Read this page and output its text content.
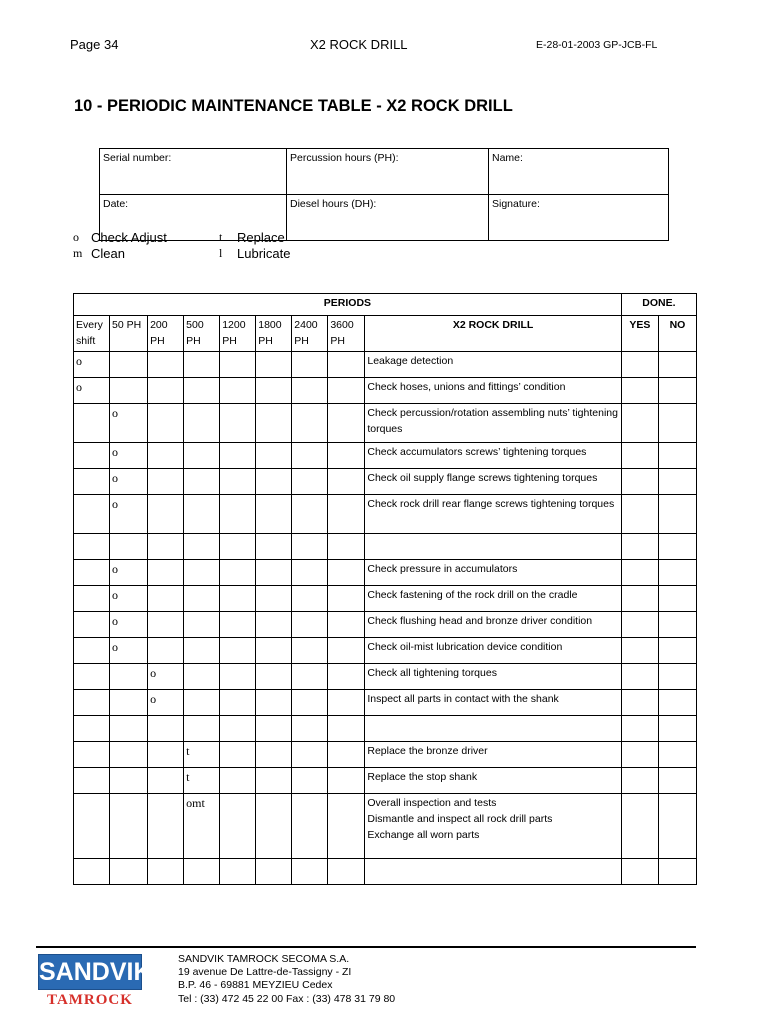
Page 34	X2 ROCK DRILL	E-28-01-2003 GP-JCB-FL
10 - PERIODIC MAINTENANCE TABLE - X2 ROCK DRILL
Serial number:	Percussion hours (PH):	Name:
Date:	Diesel hours (DH):	Signature:
o Check Adjust	t	Replace
m Clean	l	Lubricate
PERIODS									DONE.	
Every shift	50 PH	200 PH	500 PH	1200 PH	1800 PH	2400 PH	3600 PH	X2 ROCK DRILL	YES	NO
o								Leakage detection		
o								Check hoses, unions and fittings’ condition		
	o							Check percussion/rotation assembling nuts’ tightening torques		
	o							Check accumulators screws’ tightening torques		
	o							Check oil supply flange screws tightening torques		
	o							Check rock drill rear flange screws tightening torques		

	o							Check pressure in accumulators		
	o							Check fastening of the rock drill on the cradle		
	o							Check flushing head and bronze driver condition		
	o							Check oil-mist lubrication device condition		
		o						Check all tightening torques		
		o						Inspect all parts in contact with the shank		

			t					Replace the bronze driver		
			t					Replace the stop shank		
			omt					Overall inspection and tests
Dismantle and inspect all rock drill parts
Exchange all worn parts		

SANDVIK
TAMROCK
SANDVIK TAMROCK SECOMA S.A.
19 avenue De Lattre-de-Tassigny - ZI
B.P. 46 - 69881 MEYZIEU Cedex
Tel : (33) 472 45 22 00 Fax : (33) 478 31 79 80
